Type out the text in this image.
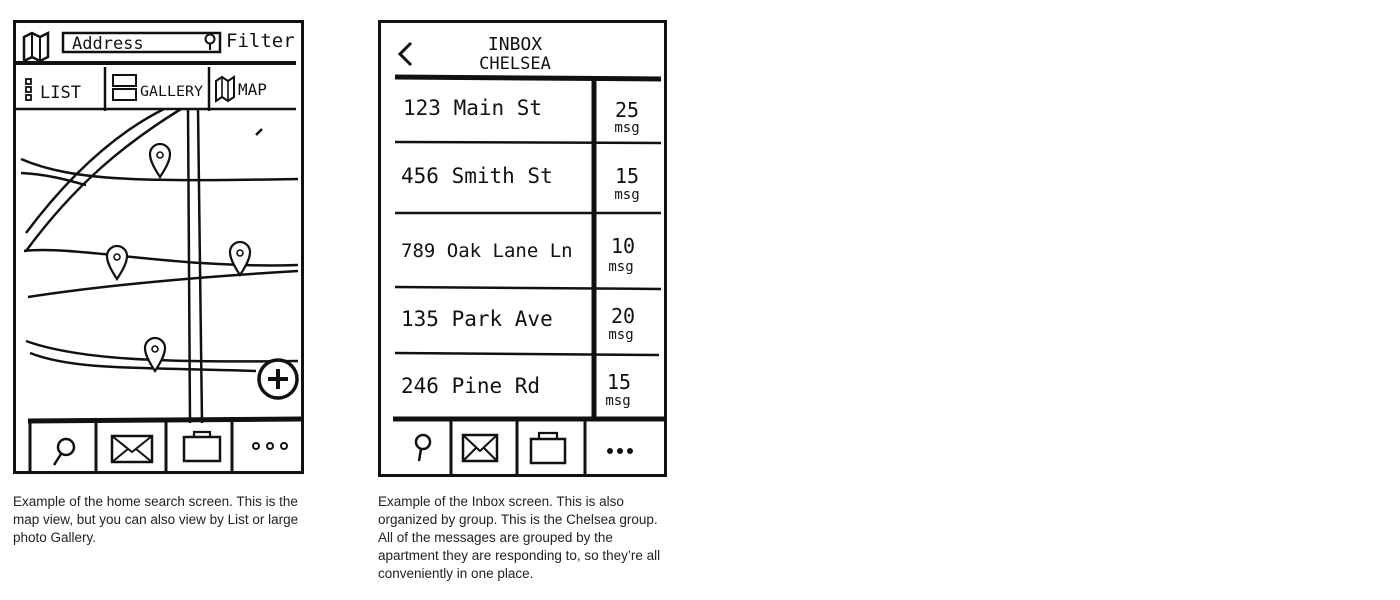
Address	Filter
LIST	GALLERY MAP
Example of the home search screen. This is the map view, but you can also view by List or large photo Gallery.
INBOX
CHELSEA
123 Main St	25
msg
456 Smith St	15
msg
789 Oak Lane Ln 10
msg
135 Park Ave	20
msg
246 Pine Rd	15
msg
Example of the Inbox screen. This is also organized by group. This is the Chelsea group. All of the messages are grouped by the apartment they are responding to, so they’re all conveniently in one place.
